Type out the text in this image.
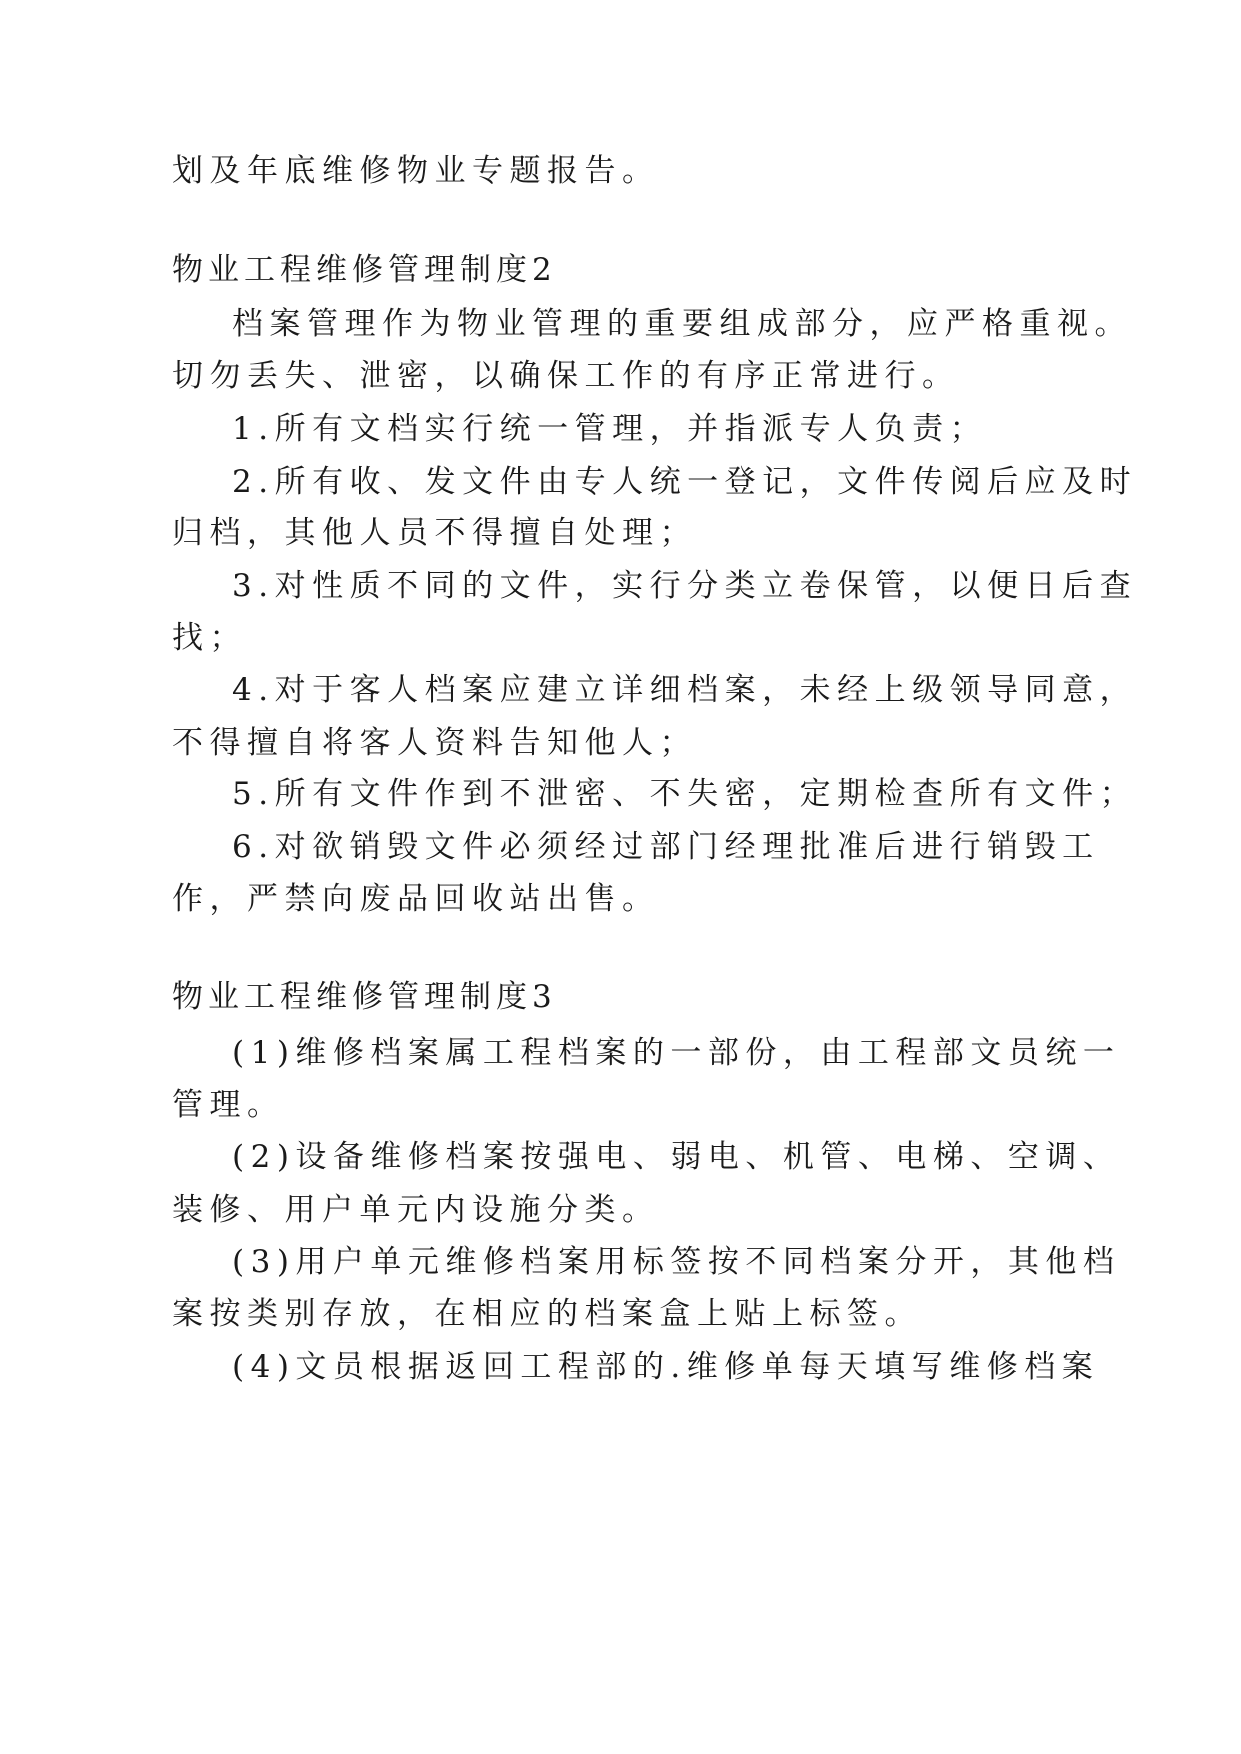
划及年底维修物业专题报告。
物业工程维修管理制度2
档案管理作为物业管理的重要组成部分，应严格重视。
切勿丢失、泄密，以确保工作的有序正常进行。
1.所有文档实行统一管理，并指派专人负责；
2.所有收、发文件由专人统一登记，文件传阅后应及时
归档，其他人员不得擅自处理；
3.对性质不同的文件，实行分类立卷保管，以便日后查
找；
4.对于客人档案应建立详细档案，未经上级领导同意，
不得擅自将客人资料告知他人；
5.所有文件作到不泄密、不失密，定期检查所有文件；
6.对欲销毁文件必须经过部门经理批准后进行销毁工
作，严禁向废品回收站出售。
物业工程维修管理制度3
(1)维修档案属工程档案的一部份，由工程部文员统一
管理。
(2)设备维修档案按强电、弱电、机管、电梯、空调、
装修、用户单元内设施分类。
(3)用户单元维修档案用标签按不同档案分开，其他档
案按类别存放，在相应的档案盒上贴上标签。
(4)文员根据返回工程部的.维修单每天填写维修档案
